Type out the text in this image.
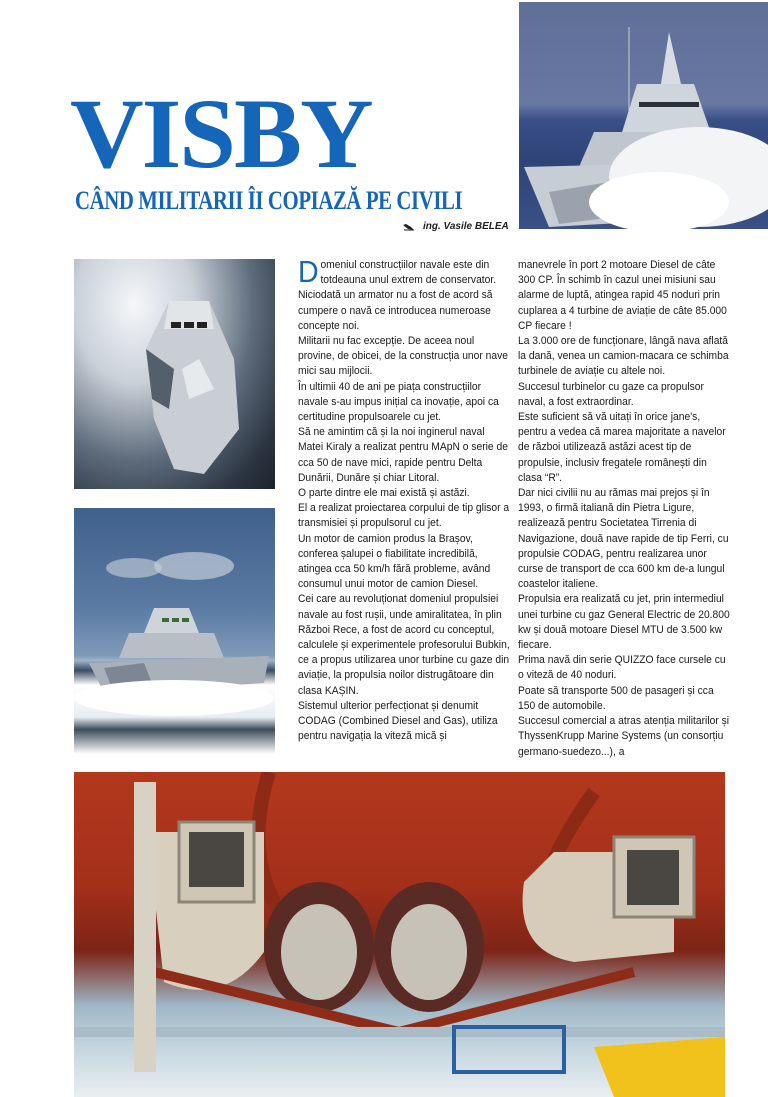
VISBY
CÂND MILITARII ÎI COPIAZĂ PE CIVILI
ing. Vasile BELEA

Domeniul construcțiilor navale este din totdeauna unul extrem de conservator.

Niciodată un armator nu a fost de acord să cumpere o navă ce introducea numeroase concepte noi.

Militarii nu fac excepție. De aceea noul provine, de obicei, de la construcția unor nave mici sau mijlocii.

În ultimii 40 de ani pe piața construcțiilor navale s-au impus inițial ca inovație, apoi ca certitudine propulsoarele cu jet.

Să ne amintim că și la noi inginerul naval Matei Kiraly a realizat pentru MApN o serie de cca 50 de nave mici, rapide pentru Delta Dunării, Dunăre și chiar Litoral.

O parte dintre ele mai există și astăzi.

El a realizat proiectarea corpului de tip glisor a transmisiei și propulsorul cu jet.

Un motor de camion produs la Brașov, conferea șalupei o fiabilitate incredibilă, atingea cca 50 km/h fără probleme, având consumul unui motor de camion Diesel.

Cei care au revoluționat domeniul propulsiei navale au fost rușii, unde amiralitatea, în plin Război Rece, a fost de acord cu conceptul, calculele și experimentele profesorului Bubkin, ce a propus utilizarea unor turbine cu gaze din aviație, la propulsia noilor distrugătoare din clasa KAȘIN.

Sistemul ulterior perfecționat și denumit CODAG (Combined Diesel and Gas), utiliza pentru navigația la viteză mică și

manevrele în port 2 motoare Diesel de câte 300 CP. În schimb în cazul unei misiuni sau alarme de luptă, atingea rapid 45 noduri prin cuplarea a 4 turbine de aviație de câte 85.000 CP fiecare !

La 3.000 ore de funcționare, lângă nava aflată la dană, venea un camion-macara ce schimba turbinele de aviație cu altele noi.

Succesul turbinelor cu gaze ca propulsor naval, a fost extraordinar.

Este suficient să vă uitați în orice jane's, pentru a vedea că marea majoritate a navelor de război utilizează astăzi acest tip de propulsie, inclusiv fregatele românești din clasa “R”.

Dar nici civilii nu au rămas mai prejos și în 1993, o firmă italiană din Pietra Ligure, realizează pentru Societatea Tirrenia di Navigazione, două nave rapide de tip Ferri, cu propulsie CODAG, pentru realizarea unor curse de transport de cca 600 km de-a lungul coastelor italiene.

Propulsia era realizată cu jet, prin intermediul unei turbine cu gaz General Electric de 20.800 kw și două motoare Diesel MTU de 3.500 kw fiecare.

Prima navă din serie QUIZZO face cursele cu o viteză de 40 noduri.

Poate să transporte 500 de pasageri și cca 150 de automobile.

Succesul comercial a atras atenția militarilor și ThyssenKrupp Marine Systems (un consorțiu germano-suedezo...), a
